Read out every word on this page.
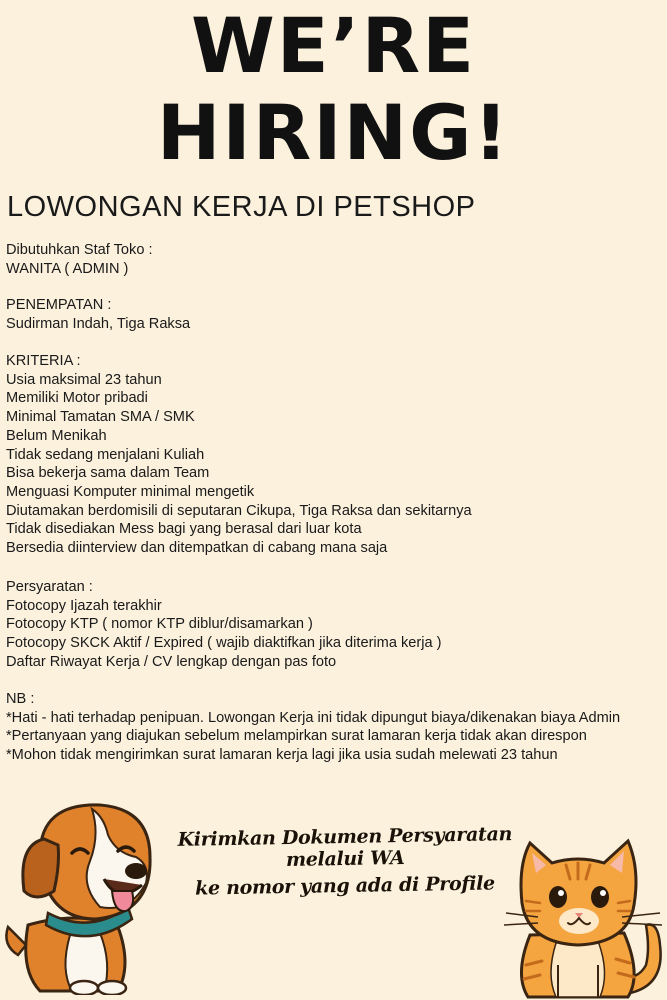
WE’RE
HIRING!
LOWONGAN KERJA DI PETSHOP
Dibutuhkan Staf Toko :
WANITA ( ADMIN )
PENEMPATAN :
Sudirman Indah, Tiga Raksa
KRITERIA :
Usia maksimal 23 tahun
Memiliki Motor pribadi
Minimal Tamatan SMA / SMK
Belum Menikah
Tidak sedang menjalani Kuliah
Bisa bekerja sama dalam Team
Menguasi Komputer minimal mengetik
Diutamakan berdomisili di seputaran Cikupa, Tiga Raksa dan sekitarnya
Tidak disediakan Mess bagi yang berasal dari luar kota
Bersedia diinterview dan ditempatkan di cabang mana saja
Persyaratan :
Fotocopy Ijazah terakhir
Fotocopy KTP ( nomor KTP diblur/disamarkan )
Fotocopy SKCK Aktif / Expired ( wajib diaktifkan jika diterima kerja )
Daftar Riwayat Kerja / CV lengkap dengan pas foto
NB :
*Hati - hati terhadap penipuan. Lowongan Kerja ini tidak dipungut biaya/dikenakan biaya Admin
*Pertanyaan yang diajukan sebelum melampirkan surat lamaran kerja tidak akan direspon
*Mohon tidak mengirimkan surat lamaran kerja lagi jika usia sudah melewati 23 tahun
Kirimkan Dokumen Persyaratan melalui WA
ke nomor yang ada di Profile
